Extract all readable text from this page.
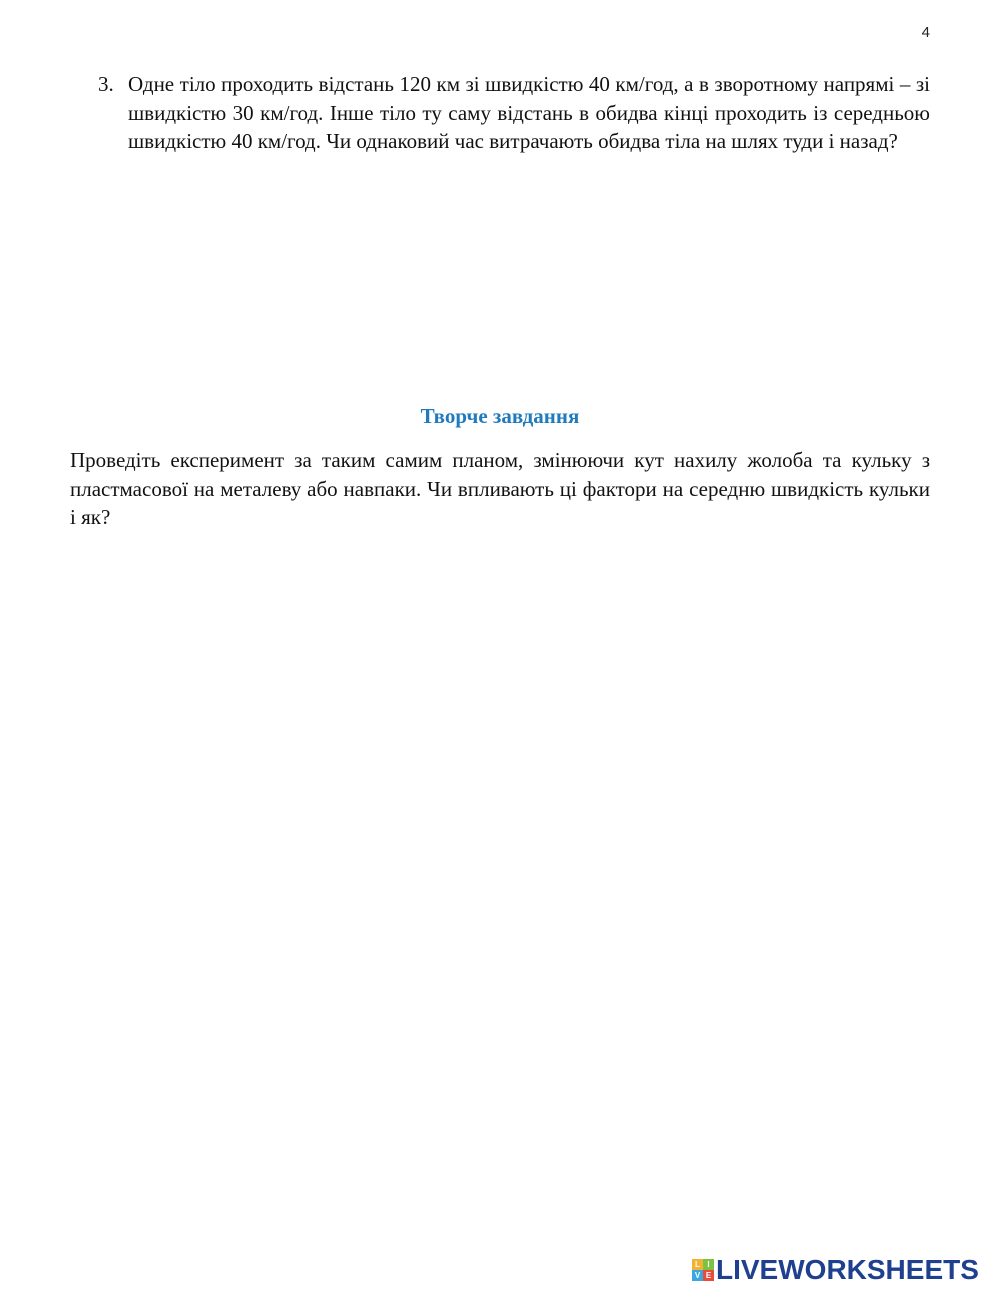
4
3. Одне тіло проходить відстань 120 км зі швидкістю 40 км/год, а в зворотному напрямі – зі швидкістю 30 км/год. Інше тіло ту саму відстань в обидва кінці проходить із середньою швидкістю 40 км/год. Чи однаковий час витрачають обидва тіла на шлях туди і назад?
Творче завдання
Проведіть експеримент за таким самим планом, змінюючи кут нахилу жолоба та кульку з пластмасової на металеву або навпаки. Чи впливають ці фактори на середню швидкість кульки і як?
L I
V E LIVEWORKSHEETS
